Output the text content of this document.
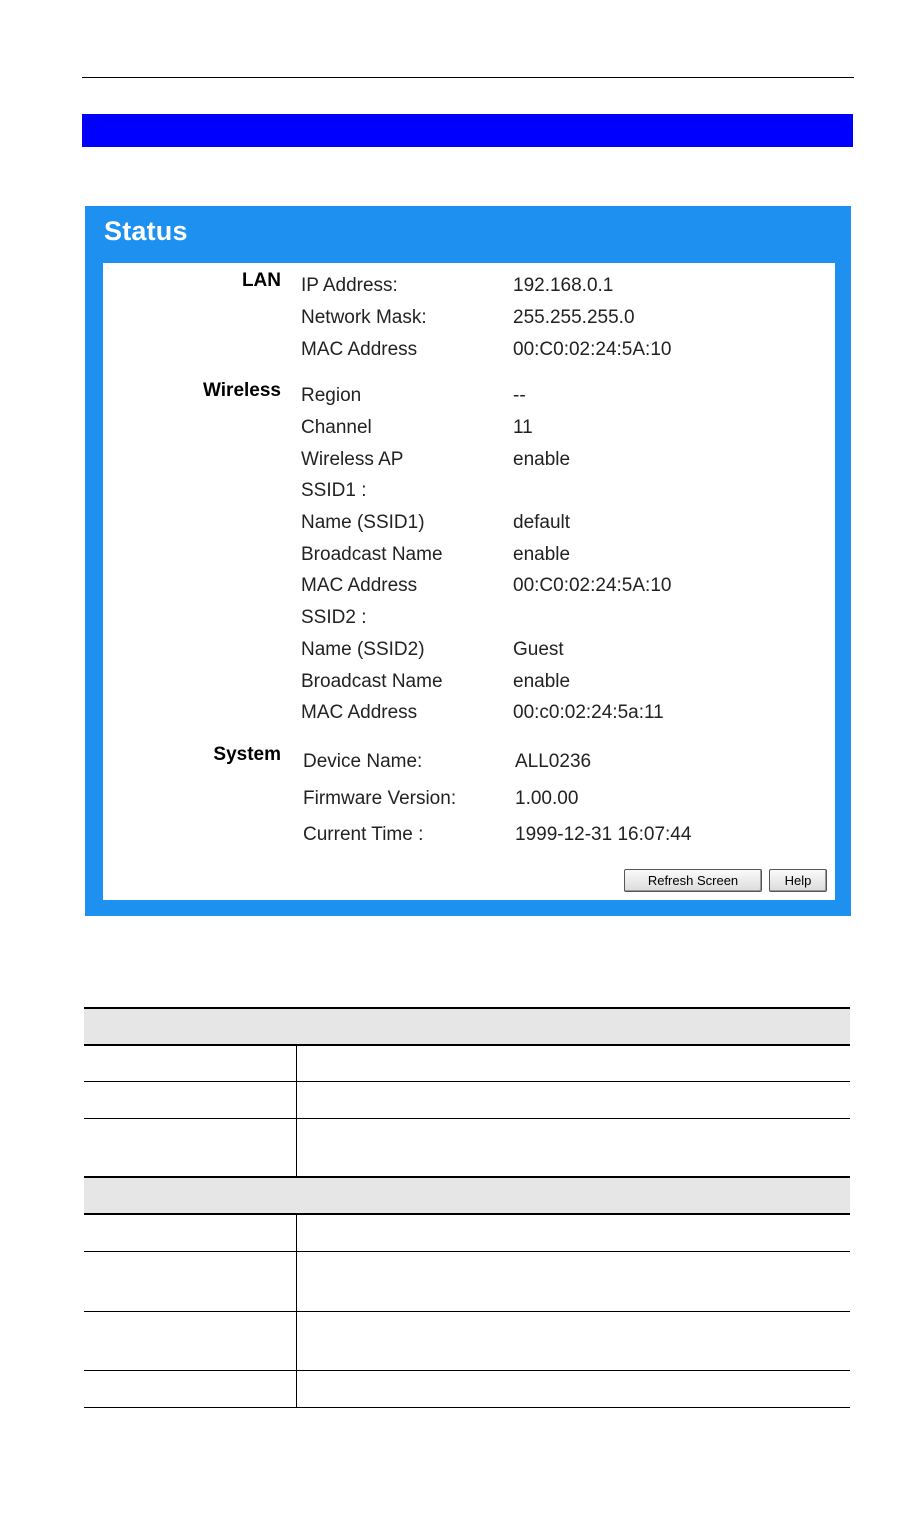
Status
LAN IP Address:	192.168.0.1
Network Mask:	255.255.255.0
MAC Address	00:C0:02:24:5A:10
Wireless Region	--
Channel	11
Wireless AP	enable
SSID1 :
Name (SSID1)	default
Broadcast Name	enable
MAC Address	00:C0:02:24:5A:10
SSID2 :
Name (SSID2)	Guest
Broadcast Name	enable
MAC Address	00:c0:02:24:5a:11
System Device Name:	ALL0236
Firmware Version:	1.00.00
Current Time :	1999-12-31 16:07:44
Refresh Screen	Help
